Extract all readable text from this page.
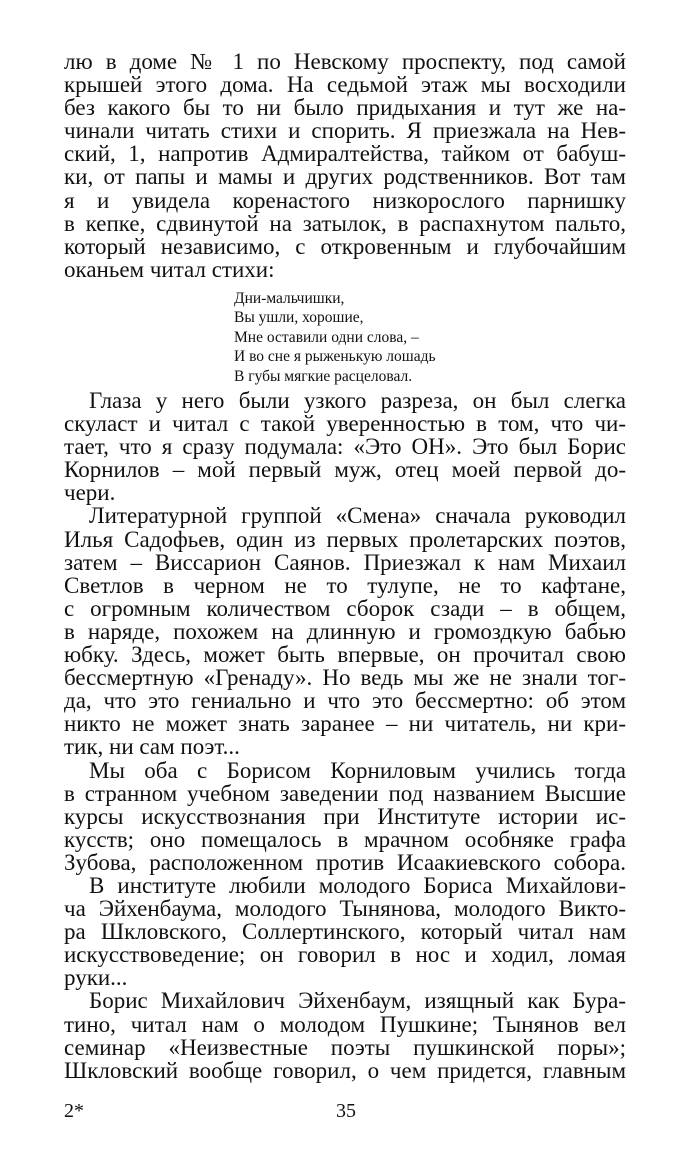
лю в доме № 1 по Невскому проспекту, под самой
крышей этого дома. На седьмой этаж мы восходили
без какого бы то ни было придыхания и тут же на-
чинали читать стихи и спорить. Я приезжала на Нев-
ский, 1, напротив Адмиралтейства, тайком от бабуш-
ки, от папы и мамы и других родственников. Вот там
я и увидела коренастого низкорослого парнишку
в кепке, сдвинутой на затылок, в распахнутом пальто,
который независимо, с откровенным и глубочайшим
оканьем читал стихи:
Дни-мальчишки,
Вы ушли, хорошие,
Мне оставили одни слова, –
И во сне я рыженькую лошадь
В губы мягкие расцеловал.
Глаза у него были узкого разреза, он был слегка
скуласт и читал с такой уверенностью в том, что чи-
тает, что я сразу подумала: «Это ОН». Это был Борис
Корнилов – мой первый муж, отец моей первой до-
чери.
Литературной группой «Смена» сначала руководил
Илья Садофьев, один из первых пролетарских поэтов,
затем – Виссарион Саянов. Приезжал к нам Михаил
Светлов в черном не то тулупе, не то кафтане,
с огромным количеством сборок сзади – в общем,
в наряде, похожем на длинную и громоздкую бабью
юбку. Здесь, может быть впервые, он прочитал свою
бессмертную «Гренаду». Но ведь мы же не знали тог-
да, что это гениально и что это бессмертно: об этом
никто не может знать заранее – ни читатель, ни кри-
тик, ни сам поэт...
Мы оба с Борисом Корниловым учились тогда
в странном учебном заведении под названием Высшие
курсы искусствознания при Институте истории ис-
кусств; оно помещалось в мрачном особняке графа
Зубова, расположенном против Исаакиевского собора.
В институте любили молодого Бориса Михайлови-
ча Эйхенбаума, молодого Тынянова, молодого Викто-
ра Шкловского, Соллертинского, который читал нам
искусствоведение; он говорил в нос и ходил, ломая
руки...
Борис Михайлович Эйхенбаум, изящный как Бура-
тино, читал нам о молодом Пушкине; Тынянов вел
семинар «Неизвестные поэты пушкинской поры»;
Шкловский вообще говорил, о чем придется, главным
2*	35
